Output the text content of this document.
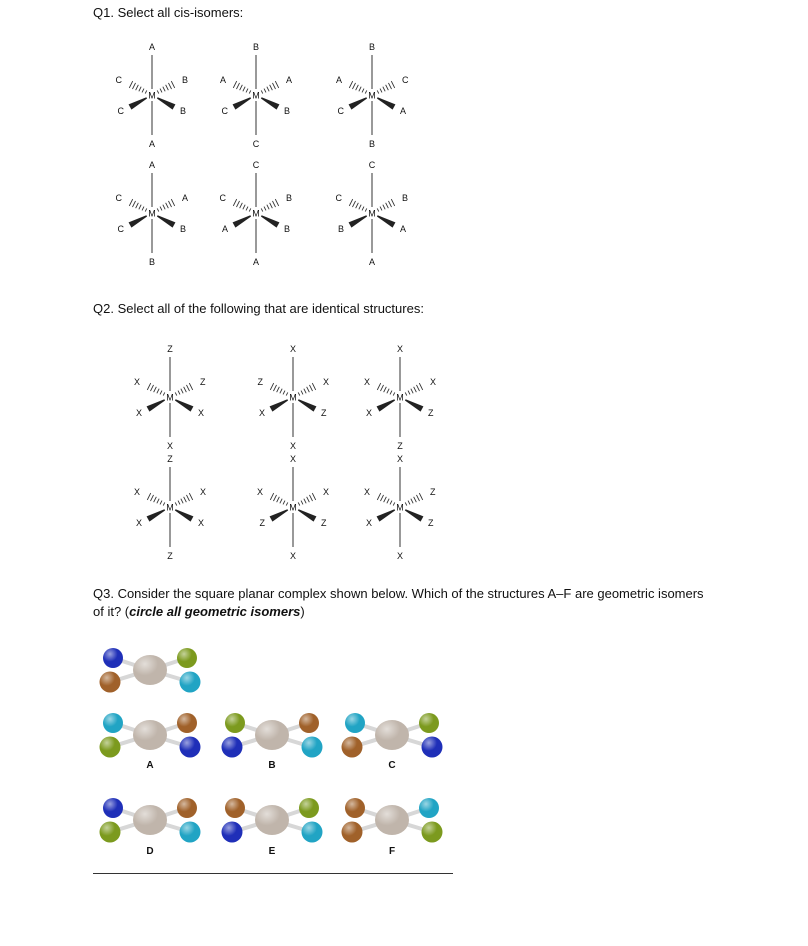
Q1. Select all cis-isomers:
Q2. Select all of the following that are identical structures:
Q3. Consider the square planar complex shown below. Which of the structures A–F are geometric isomers of it? (circle all geometric isomers)
M
A
A
C	B
C	B
M
B
C
A	A
C	B
M
B
B
A	C
C	A
M
A
B
C	A
C	B
M
C
A
C	B
A	B
M
C
A
C	B
B	A
M
Z
X
X	Z
X	X
M
X
X
Z	X
X	Z
M
X
Z
X	X
X	Z
M
Z
Z
X	X
X	X
M
X
X
X	X
Z	Z
M
X
X
X	Z
X	Z
A	B	C
D	E	F
